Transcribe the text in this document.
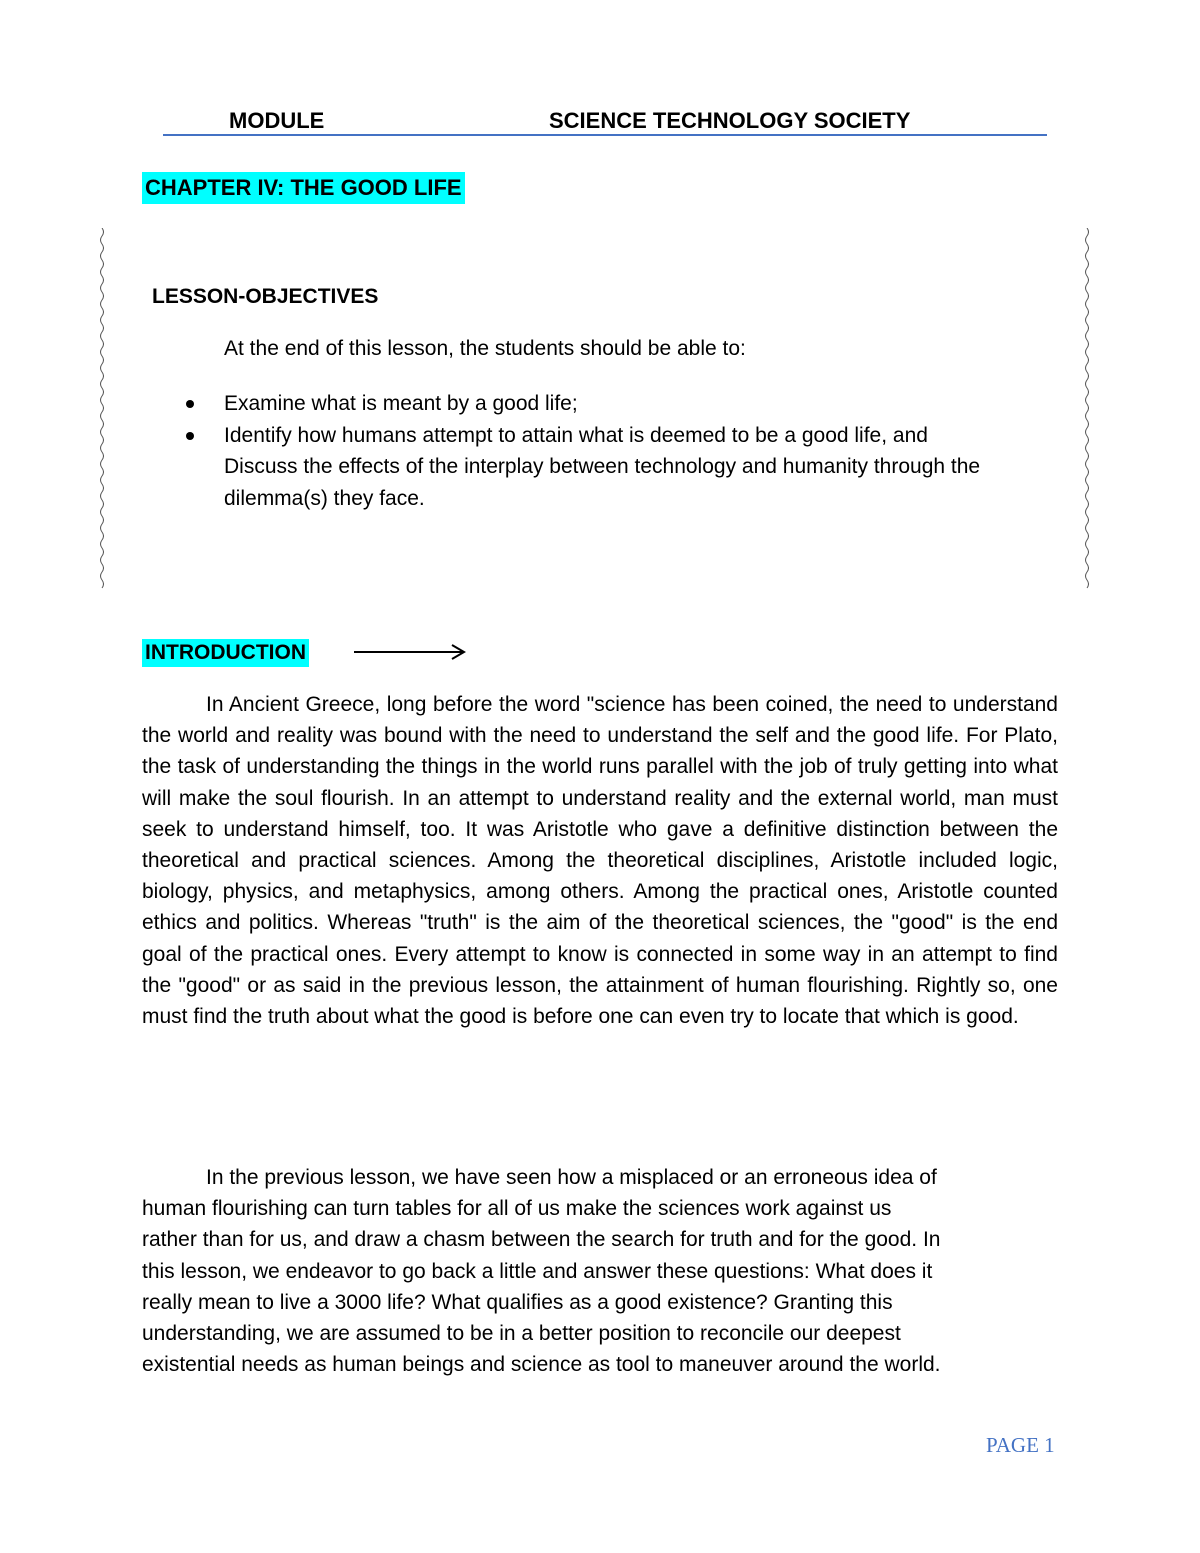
MODULE	SCIENCE TECHNOLOGY SOCIETY
CHAPTER IV: THE GOOD LIFE
LESSON-OBJECTIVES
At the end of this lesson, the students should be able to:
Examine what is meant by a good life;
Identify how humans attempt to attain what is deemed to be a good life, and
Discuss the effects of the interplay between technology and humanity through the dilemma(s) they face.
INTRODUCTION

In Ancient Greece, long before the word "science has been coined, the need to understand the world and reality was bound with the need to understand the self and the good life. For Plato, the task of understanding the things in the world runs parallel with the job of truly getting into what will make the soul flourish. In an attempt to understand reality and the external world, man must seek to understand himself, too. It was Aristotle who gave a definitive distinction between the theoretical and practical sciences. Among the theoretical disciplines, Aristotle included logic, biology, physics, and metaphysics, among others. Among the practical ones, Aristotle counted ethics and politics. Whereas "truth" is the aim of the theoretical sciences, the "good" is the end goal of the practical ones. Every attempt to know is connected in some way in an attempt to find the "good" or as said in the previous lesson, the attainment of human flourishing. Rightly so, one must find the truth about what the good is before one can even try to locate that which is good.

In the previous lesson, we have seen how a misplaced or an erroneous idea of human flourishing can turn tables for all of us make the sciences work against us rather than for us, and draw a chasm between the search for truth and for the good. In this lesson, we endeavor to go back a little and answer these questions: What does it really mean to live a 3000 life? What qualifies as a good existence? Granting this understanding, we are assumed to be in a better position to reconcile our deepest existential needs as human beings and science as tool to maneuver around the world.

PAGE 1
